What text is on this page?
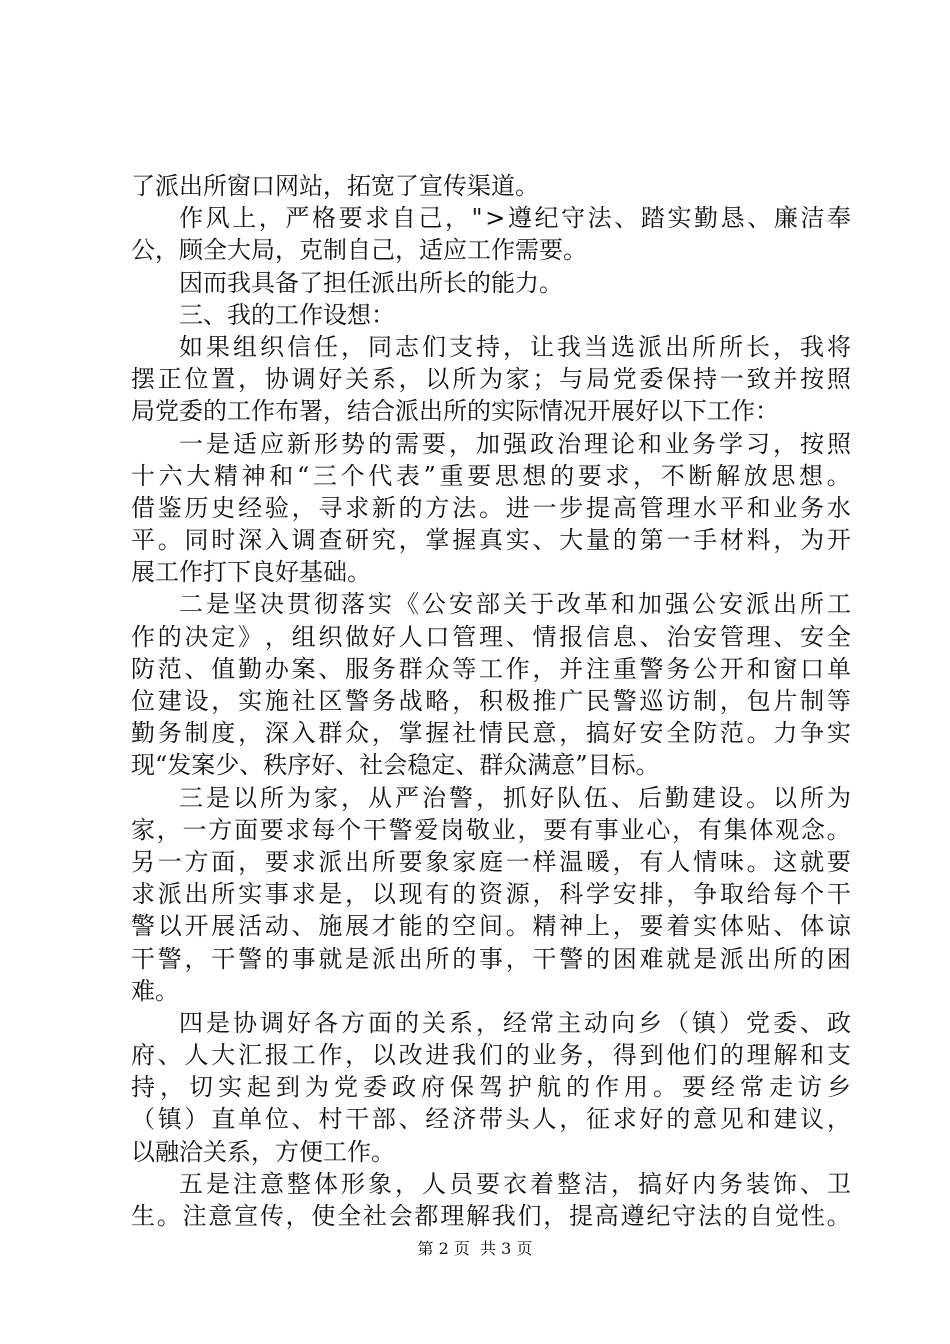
了派出所窗口网站，拓宽了宣传渠道。
作 风 上 ， 严 格 要 求 自 己 ， " > 遵 纪 守 法 、 踏 实 勤 恳 、 廉 洁 奉
公，顾全大局，克制自己，适应工作需要。
因而我具备了担任派出所长的能力。
三、我的工作设想：
如 果 组 织 信 任 ， 同 志 们 支 持 ， 让 我 当 选 派 出 所 所 长 ， 我 将
摆 正 位 置 ， 协 调 好 关 系 ， 以 所 为 家 ； 与 局 党 委 保 持 一 致 并 按 照
局党委的工作布署，结合派出所的实际情况开展好以下工作：
一 是 适 应 新 形 势 的 需 要 ， 加 强 政 治 理 论 和 业 务 学 习 ， 按 照
十 六 大 精 神 和 “ 三 个 代 表 ” 重 要 思 想 的 要 求 ， 不 断 解 放 思 想 。
借 鉴 历 史 经 验 ， 寻 求 新 的 方 法 。 进 一 步 提 高 管 理 水 平 和 业 务 水
平 。 同 时 深 入 调 查 研 究 ， 掌 握 真 实 、 大 量 的 第 一 手 材 料 ， 为 开
展工作打下良好基础。
二 是 坚 决 贯 彻 落 实 《 公 安 部 关 于 改 革 和 加 强 公 安 派 出 所 工
作 的 决 定 》 ， 组 织 做 好 人 口 管 理 、 情 报 信 息 、 治 安 管 理 、 安 全
防 范 、 值 勤 办 案 、 服 务 群 众 等 工 作 ， 并 注 重 警 务 公 开 和 窗 口 单
位 建 设 ， 实 施 社 区 警 务 战 略 ， 积 极 推 广 民 警 巡 访 制 ， 包 片 制 等
勤 务 制 度 ， 深 入 群 众 ， 掌 握 社 情 民 意 ， 搞 好 安 全 防 范 。 力 争 实
现“发案少、秩序好、社会稳定、群众满意”目标。
三 是 以 所 为 家 ， 从 严 治 警 ， 抓 好 队 伍 、 后 勤 建 设 。 以 所 为
家 ， 一 方 面 要 求 每 个 干 警 爱 岗 敬 业 ， 要 有 事 业 心 ， 有 集 体 观 念 。
另 一 方 面 ， 要 求 派 出 所 要 象 家 庭 一 样 温 暖 ， 有 人 情 味 。 这 就 要
求 派 出 所 实 事 求 是 ， 以 现 有 的 资 源 ， 科 学 安 排 ， 争 取 给 每 个 干
警 以 开 展 活 动 、 施 展 才 能 的 空 间 。 精 神 上 ， 要 着 实 体 贴 、 体 谅
干 警 ， 干 警 的 事 就 是 派 出 所 的 事 ， 干 警 的 困 难 就 是 派 出 所 的 困
难。
四 是 协 调 好 各 方 面 的 关 系 ， 经 常 主 动 向 乡 （ 镇 ） 党 委 、 政
府 、 人 大 汇 报 工 作 ， 以 改 进 我 们 的 业 务 ， 得 到 他 们 的 理 解 和 支
持 ， 切 实 起 到 为 党 委 政 府 保 驾 护 航 的 作 用 。 要 经 常 走 访 乡
（ 镇 ） 直 单 位 、 村 干 部 、 经 济 带 头 人 ， 征 求 好 的 意 见 和 建 议 ，
以融洽关系，方便工作。
五 是 注 意 整 体 形 象 ， 人 员 要 衣 着 整 洁 ， 搞 好 内 务 装 饰 、 卫
生 。 注 意 宣 传 ， 使 全 社 会 都 理 解 我 们 ， 提 高 遵 纪 守 法 的 自 觉 性 。
第 2 页  共 3 页
